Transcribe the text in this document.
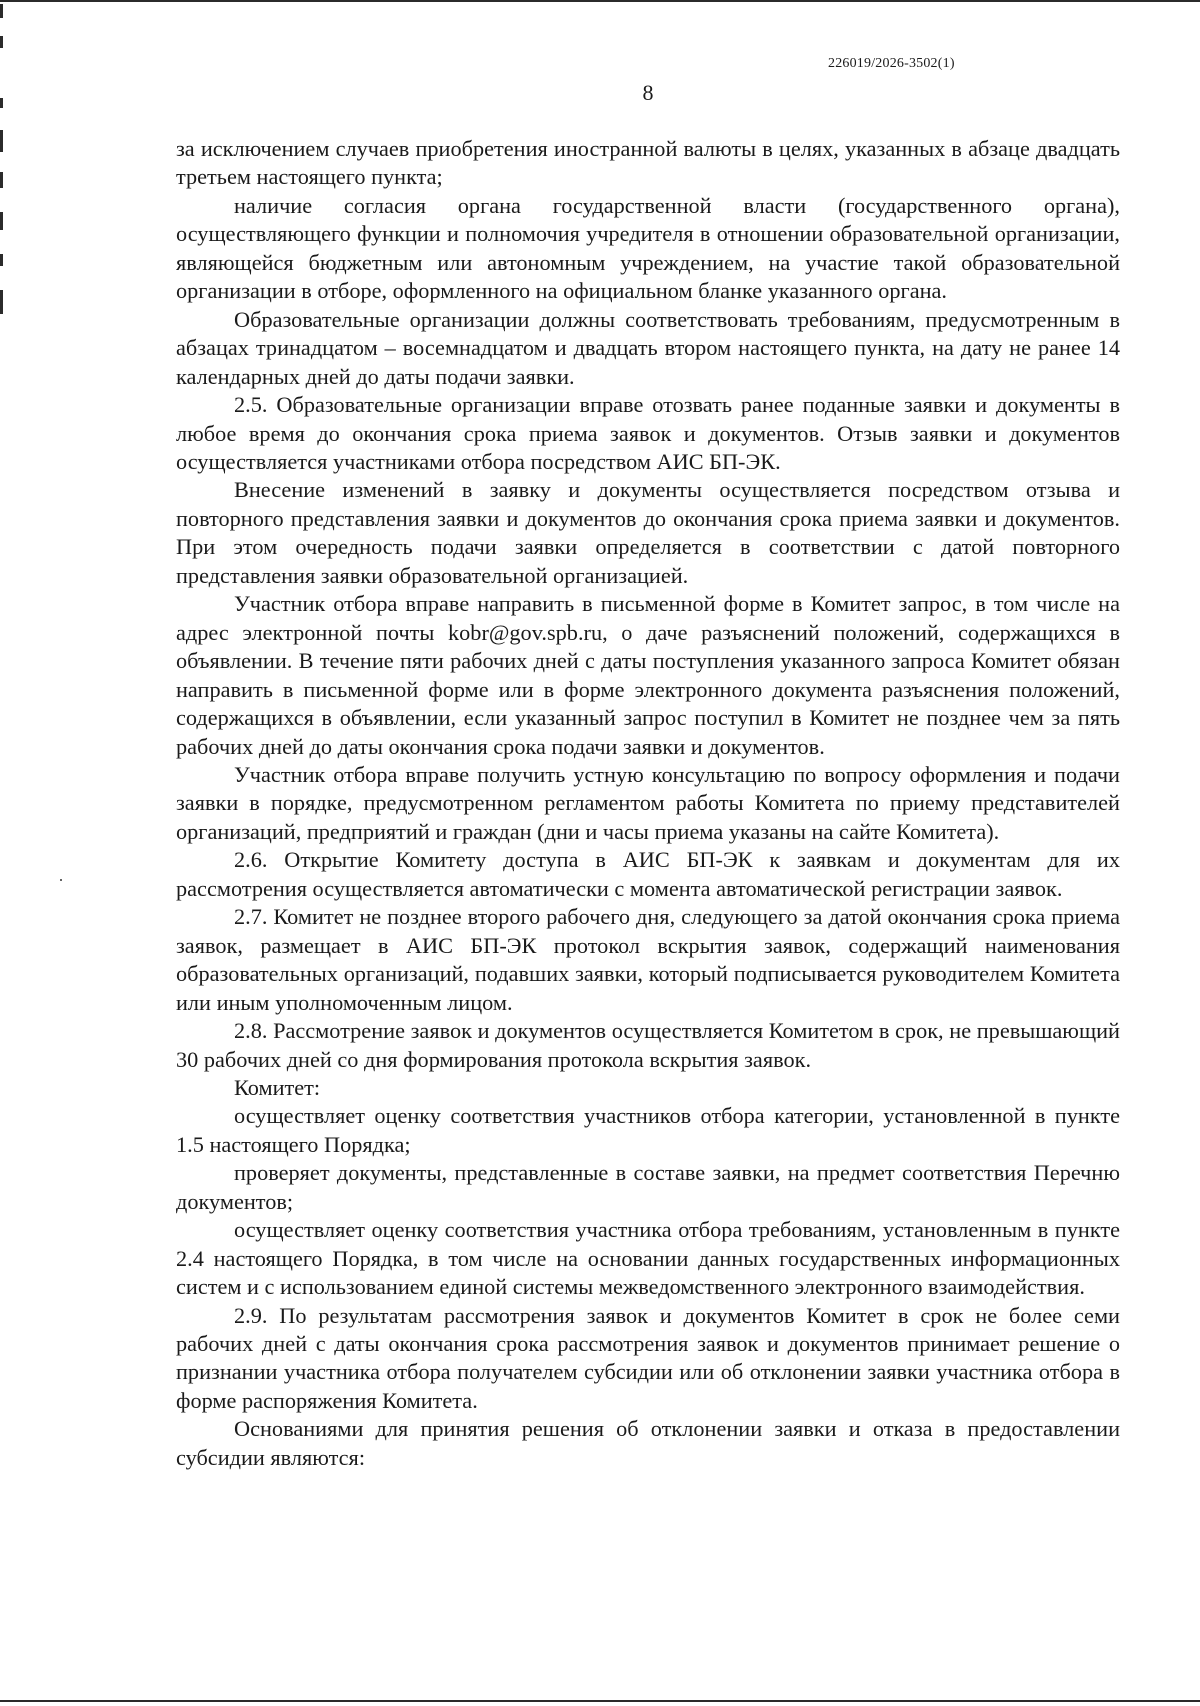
226019/2026-3502(1)
8

за исключением случаев приобретения иностранной валюты в целях, указанных в абзаце двадцать третьем настоящего пункта;

наличие согласия органа государственной власти (государственного органа), осуществляющего функции и полномочия учредителя в отношении образовательной организации, являющейся бюджетным или автономным учреждением, на участие такой образовательной организации в отборе, оформленного на официальном бланке указанного органа.

Образовательные организации должны соответствовать требованиям, предусмотренным в абзацах тринадцатом – восемнадцатом и двадцать втором настоящего пункта, на дату не ранее 14 календарных дней до даты подачи заявки.

2.5. Образовательные организации вправе отозвать ранее поданные заявки и документы в любое время до окончания срока приема заявок и документов. Отзыв заявки и документов осуществляется участниками отбора посредством АИС БП-ЭК.

Внесение изменений в заявку и документы осуществляется посредством отзыва и повторного представления заявки и документов до окончания срока приема заявки и документов. При этом очередность подачи заявки определяется в соответствии с датой повторного представления заявки образовательной организацией.

Участник отбора вправе направить в письменной форме в Комитет запрос, в том числе на адрес электронной почты kobr@gov.spb.ru, о даче разъяснений положений, содержащихся в объявлении. В течение пяти рабочих дней с даты поступления указанного запроса Комитет обязан направить в письменной форме или в форме электронного документа разъяснения положений, содержащихся в объявлении, если указанный запрос поступил в Комитет не позднее чем за пять рабочих дней до даты окончания срока подачи заявки и документов.

Участник отбора вправе получить устную консультацию по вопросу оформления и подачи заявки в порядке, предусмотренном регламентом работы Комитета по приему представителей организаций, предприятий и граждан (дни и часы приема указаны на сайте Комитета).

2.6. Открытие Комитету доступа в АИС БП-ЭК к заявкам и документам для их рассмотрения осуществляется автоматически с момента автоматической регистрации заявок.

2.7. Комитет не позднее второго рабочего дня, следующего за датой окончания срока приема заявок, размещает в АИС БП-ЭК протокол вскрытия заявок, содержащий наименования образовательных организаций, подавших заявки, который подписывается руководителем Комитета или иным уполномоченным лицом.

2.8. Рассмотрение заявок и документов осуществляется Комитетом в срок, не превышающий 30 рабочих дней со дня формирования протокола вскрытия заявок.

Комитет:

осуществляет оценку соответствия участников отбора категории, установленной в пункте 1.5 настоящего Порядка;

проверяет документы, представленные в составе заявки, на предмет соответствия Перечню документов;

осуществляет оценку соответствия участника отбора требованиям, установленным в пункте 2.4 настоящего Порядка, в том числе на основании данных государственных информационных систем и с использованием единой системы межведомственного электронного взаимодействия.

2.9. По результатам рассмотрения заявок и документов Комитет в срок не более семи рабочих дней с даты окончания срока рассмотрения заявок и документов принимает решение о признании участника отбора получателем субсидии или об отклонении заявки участника отбора в форме распоряжения Комитета.

Основаниями для принятия решения об отклонении заявки и отказа в предоставлении субсидии являются:
